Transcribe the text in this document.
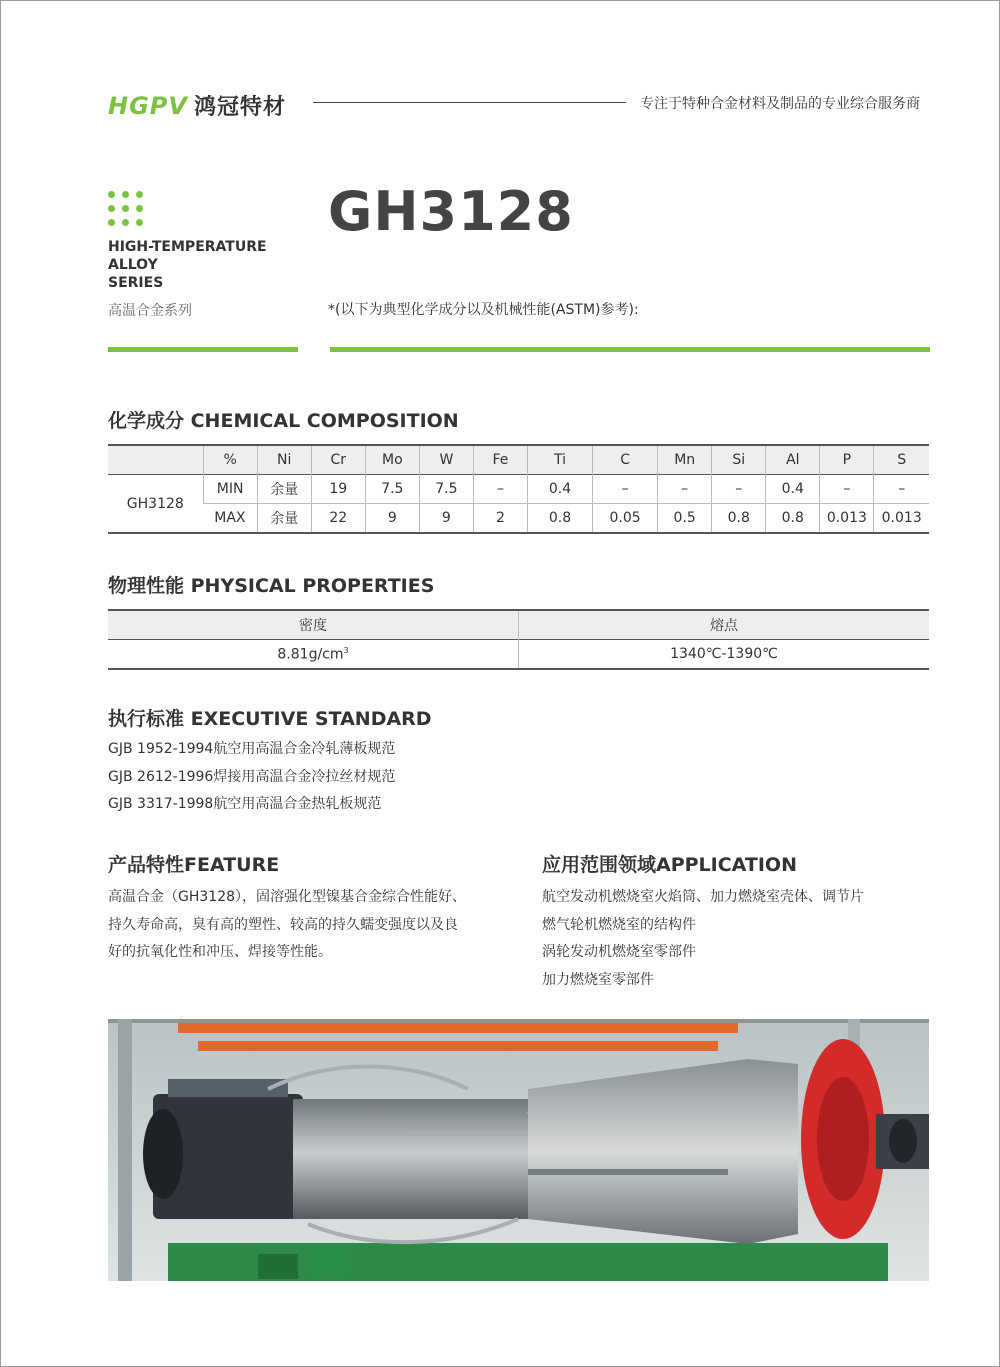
HGPV 鸿冠特材	专注于特种合金材料及制品的专业综合服务商
HIGH-TEMPERATURE
ALLOY
SERIES
高温合金系列
GH3128
*(以下为典型化学成分以及机械性能(ASTM)参考):
化学成分 CHEMICAL COMPOSITION
	%	Ni	Cr	Mo	W	Fe	Ti	C	Mn	Si	Al	P	S
GH3128	MIN	余量	19	7.5	7.5	–	0.4	–	–	–	0.4	–	–
	MAX	余量	22	9	9	2	0.8	0.05	0.5	0.8	0.8	0.013	0.013
物理性能 PHYSICAL PROPERTIES
密度	熔点
$8.81g/cm^3$	1340℃-1390℃
执行标准 EXECUTIVE STANDARD
GJB 1952-1994航空用高温合金冷轧薄板规范
GJB 2612-1996焊接用高温合金冷拉丝材规范
GJB 3317-1998航空用高温合金热轧板规范
产品特性FEATURE
高温合金（GH3128），固溶强化型镍基合金综合性能好、
持久寿命高，臭有高的塑性、较高的持久蠕变强度以及良
好的抗氧化性和冲压、焊接等性能。
应用范围领域APPLICATION
航空发动机燃烧室火焰筒、加力燃烧室壳体、调节片
燃气轮机燃烧室的结构件
涡轮发动机燃烧室零部件
加力燃烧室零部件
